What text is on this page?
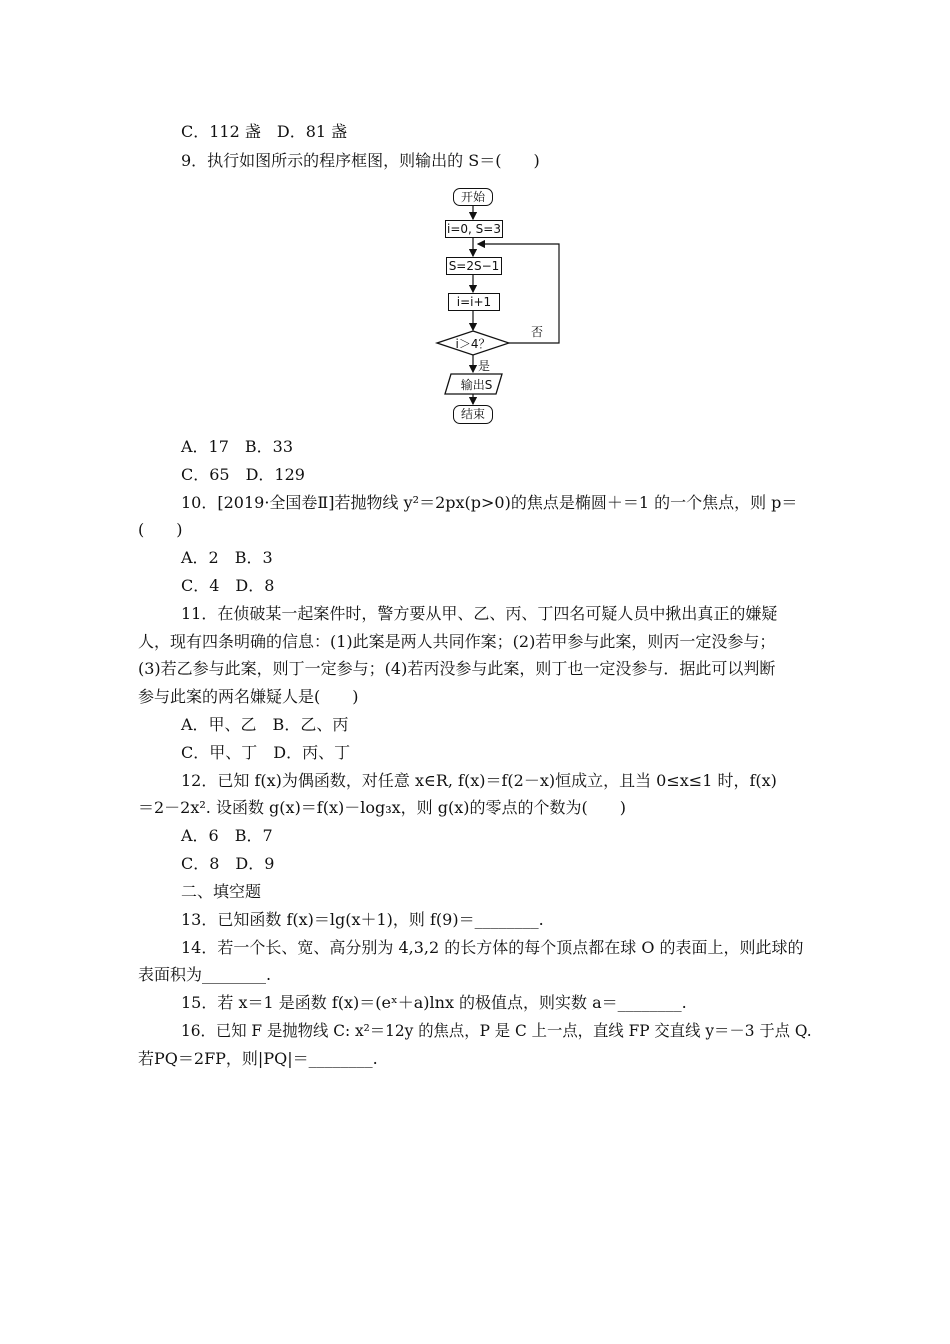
C．112 盏　D．81 盏
9．执行如图所示的程序框图，则输出的 S＝(　　)
开始
i=0, S=3
S=2S−1
i=i+1
i＞4？
否
是
输出S
结束
A．17　B．33
C．65　D．129
10．[2019·全国卷Ⅱ]若抛物线 y²＝2px(p>0)的焦点是椭圆＋＝1 的一个焦点，则 p＝
(　　)
A．2　B．3
C．4　D．8
11．在侦破某一起案件时，警方要从甲、乙、丙、丁四名可疑人员中揪出真正的嫌疑
人，现有四条明确的信息：(1)此案是两人共同作案；(2)若甲参与此案，则丙一定没参与；
(3)若乙参与此案，则丁一定参与；(4)若丙没参与此案，则丁也一定没参与．据此可以判断
参与此案的两名嫌疑人是(　　)
A．甲、乙　B．乙、丙
C．甲、丁　D．丙、丁
12．已知 f(x)为偶函数，对任意 x∈R, f(x)＝f(2－x)恒成立，且当 0≤x≤1 时，f(x)
＝2－2x². 设函数 g(x)＝f(x)－log₃x，则 g(x)的零点的个数为(　　)
A．6　B．7
C．8　D．9
二、填空题
13．已知函数 f(x)＝lg(x＋1)，则 f(9)＝________.
14．若一个长、宽、高分别为 4,3,2 的长方体的每个顶点都在球 O 的表面上，则此球的
表面积为________.
15．若 x＝1 是函数 f(x)＝(eˣ＋a)lnx 的极值点，则实数 a＝________.
16．已知 F 是抛物线 C: x²＝12y 的焦点，P 是 C 上一点，直线 FP 交直线 y＝－3 于点 Q.
若PQ＝2FP，则|PQ|＝________.
